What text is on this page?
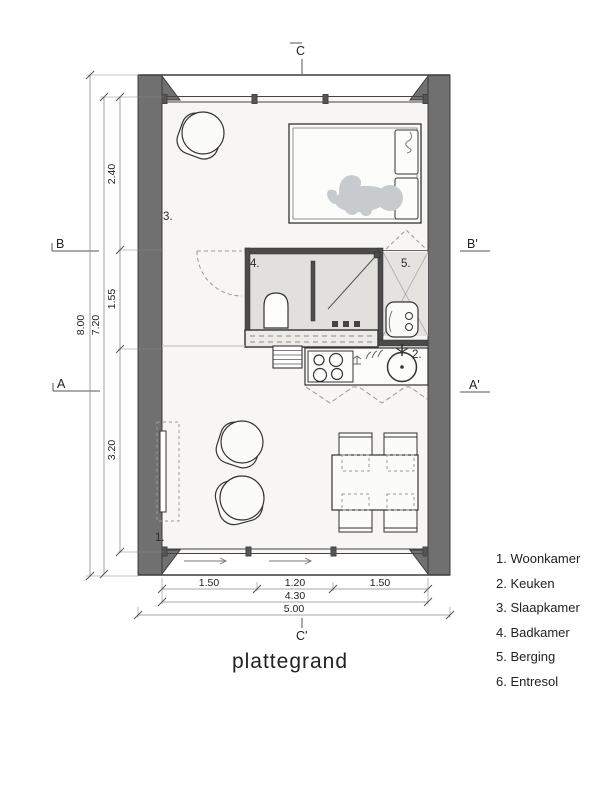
1.
2.
3.
4.	5.
C
C'
B
A
B'
A'
8.00 7.20
2.40
1.55
3.20
1.50	1.20	1.50
4.30
5.00
plattegrand
1. Woonkamer
2. Keuken
3. Slaapkamer
4. Badkamer
5. Berging
6. Entresol
